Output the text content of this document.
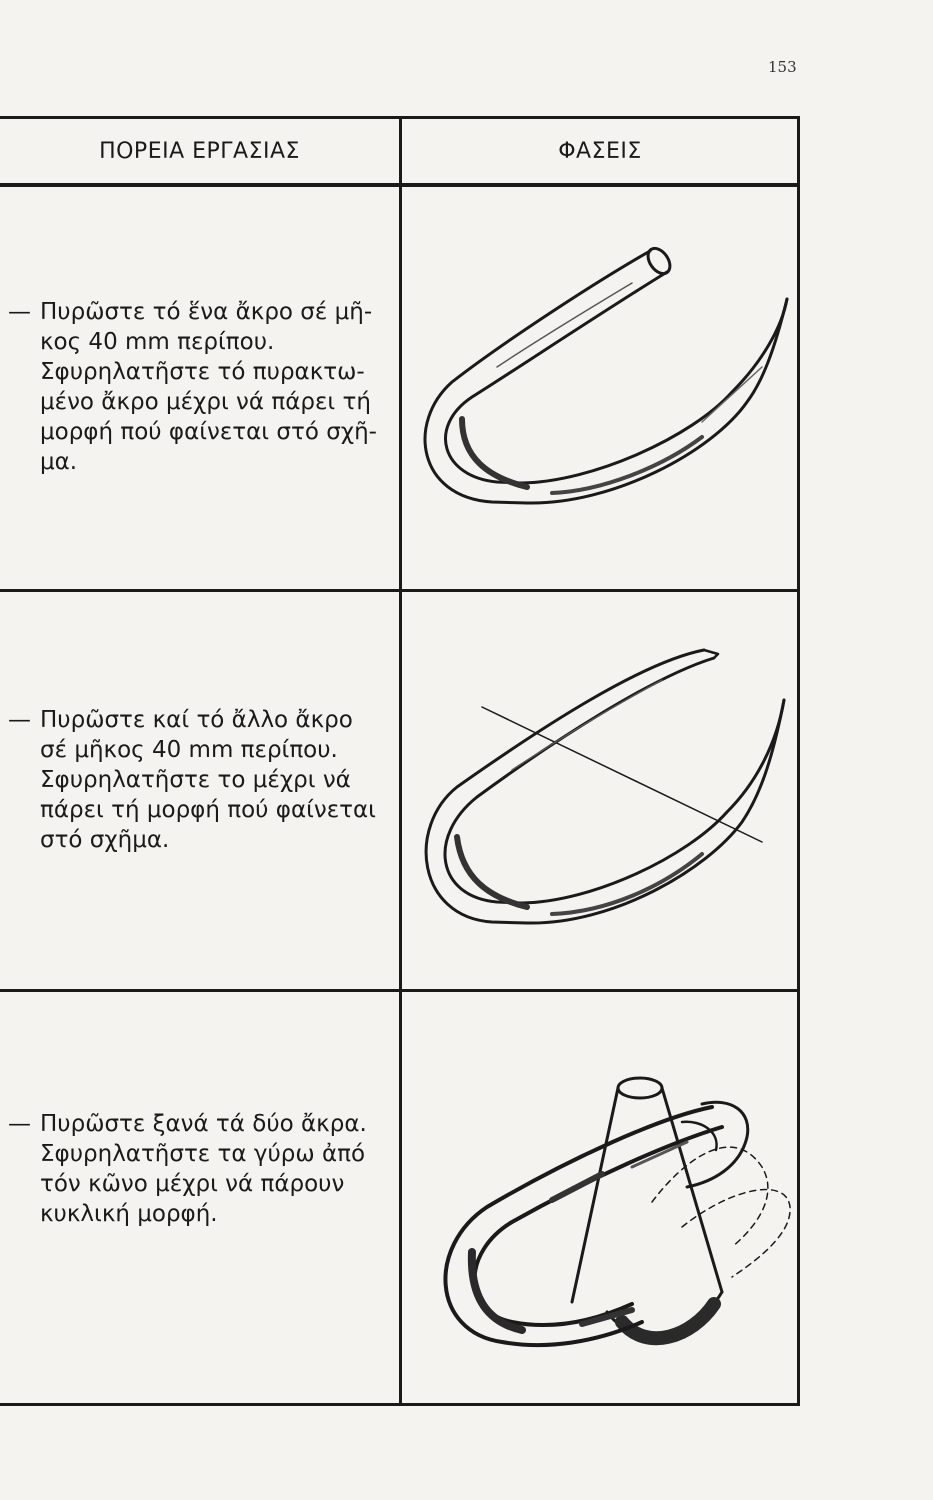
153
ΠΟΡΕΙΑ ΕΡΓΑΣΙΑΣ	ΦΑΣΕΙΣ
— Πυρῶστε τό ἕνα ἄκρο σέ μῆ-
κος 40 mm περίπου.
Σφυρηλατῆστε τό πυρακτω-
μένο ἄκρο μέχρι νά πάρει τή
μορφή πού φαίνεται στό σχῆ-
μα.
— Πυρῶστε καί τό ἄλλο ἄκρο
σέ μῆκος 40 mm περίπου.
Σφυρηλατῆστε το μέχρι νά
πάρει τή μορφή πού φαίνεται
στό σχῆμα.
— Πυρῶστε ξανά τά δύο ἄκρα.
Σφυρηλατῆστε τα γύρω ἀπό
τόν κῶνο μέχρι νά πάρουν
κυκλική μορφή.
